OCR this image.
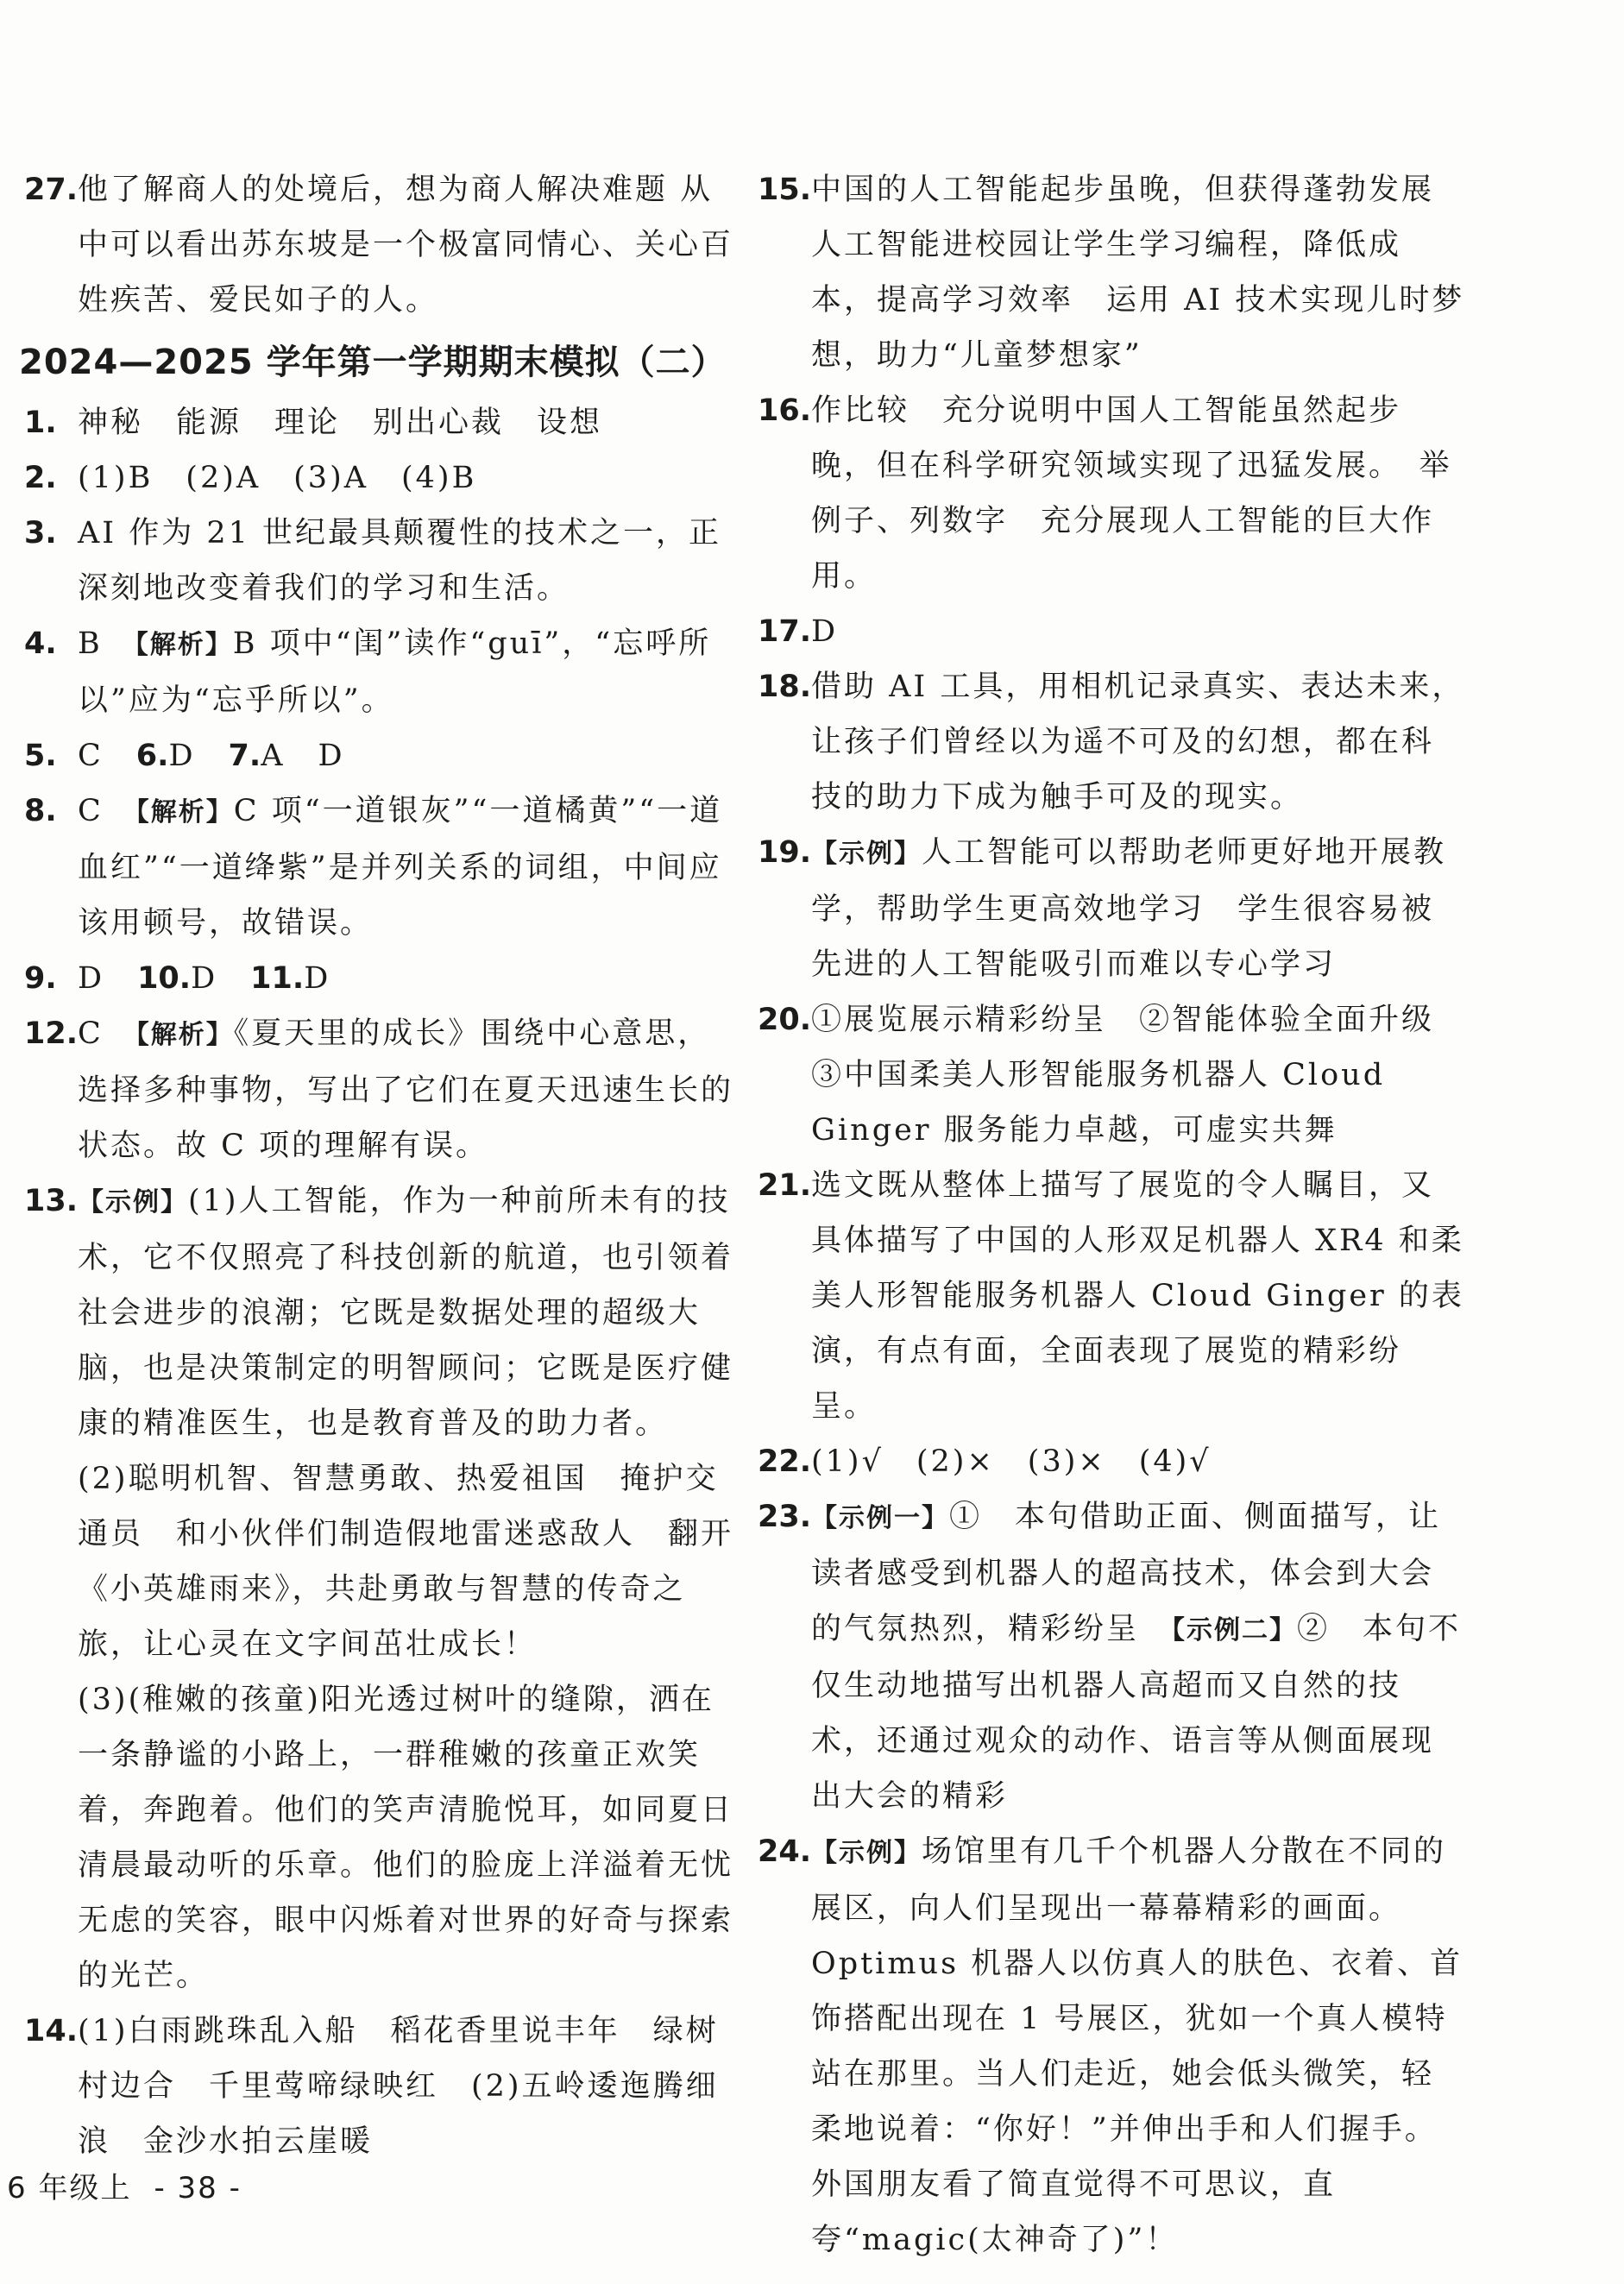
27.他了解商人的处境后，想为商人解决难题 从中可以看出苏东坡是一个极富同情心、关心百姓疾苦、爱民如子的人。

2024—2025 学年第一学期期末模拟（二）

1. 神秘　能源　理论　别出心裁　设想

2. (1)B　(2)A　(3)A　(4)B

3. AI 作为 21 世纪最具颠覆性的技术之一，正深刻地改变着我们的学习和生活。

4. B　 【解析】B 项中“闺”读作“guī”，“忘呼所以”应为“忘乎所以”。

5. C　 6.D　 7.A　D

8. C　 【解析】C 项“一道银灰”“一道橘黄”“一道血红”“一道绛紫”是并列关系的词组，中间应该用顿号，故错误。

9. D　 10.D　 11.D

12.C　 【解析】《夏天里的成长》围绕中心意思，选择多种事物，写出了它们在夏天迅速生长的状态。故 C 项的理解有误。

13.【示例】(1)人工智能，作为一种前所未有的技术，它不仅照亮了科技创新的航道，也引领着社会进步的浪潮；它既是数据处理的超级大脑，也是决策制定的明智顾问；它既是医疗健康的精准医生，也是教育普及的助力者。
(2)聪明机智、智慧勇敢、热爱祖国　掩护交通员　和小伙伴们制造假地雷迷惑敌人　翻开《小英雄雨来》，共赴勇敢与智慧的传奇之旅，让心灵在文字间茁壮成长！
(3)(稚嫩的孩童)阳光透过树叶的缝隙，洒在一条静谧的小路上，一群稚嫩的孩童正欢笑着，奔跑着。他们的笑声清脆悦耳，如同夏日清晨最动听的乐章。他们的脸庞上洋溢着无忧无虑的笑容，眼中闪烁着对世界的好奇与探索的光芒。

14.(1)白雨跳珠乱入船　稻花香里说丰年　绿树村边合　千里莺啼绿映红　(2)五岭逶迤腾细浪　金沙水拍云崖暖

15.中国的人工智能起步虽晚，但获得蓬勃发展　人工智能进校园让学生学习编程，降低成本，提高学习效率　运用 AI 技术实现儿时梦想，助力“儿童梦想家”

16.作比较　充分说明中国人工智能虽然起步晚，但在科学研究领域实现了迅猛发展。　举例子、列数字　充分展现人工智能的巨大作用。

17.D

18.借助 AI 工具，用相机记录真实、表达未来，让孩子们曾经以为遥不可及的幻想，都在科技的助力下成为触手可及的现实。

19.【示例】人工智能可以帮助老师更好地开展教学，帮助学生更高效地学习　学生很容易被先进的人工智能吸引而难以专心学习

20.①展览展示精彩纷呈　②智能体验全面升级　③中国柔美人形智能服务机器人 Cloud Ginger 服务能力卓越，可虚实共舞

21.选文既从整体上描写了展览的令人瞩目，又具体描写了中国的人形双足机器人 XR4 和柔美人形智能服务机器人 Cloud Ginger 的表演，有点有面，全面表现了展览的精彩纷呈。

22.(1)√　(2)×　(3)×　(4)√

23.【示例一】①　本句借助正面、侧面描写，让读者感受到机器人的超高技术，体会到大会的气氛热烈，精彩纷呈　【示例二】②　本句不仅生动地描写出机器人高超而又自然的技术，还通过观众的动作、语言等从侧面展现出大会的精彩

24.【示例】场馆里有几千个机器人分散在不同的展区，向人们呈现出一幕幕精彩的画面。Optimus 机器人以仿真人的肤色、衣着、首饰搭配出现在 1 号展区，犹如一个真人模特站在那里。当人们走近，她会低头微笑，轻柔地说着：“你好！”并伸出手和人们握手。外国朋友看了简直觉得不可思议，直夸“magic(太神奇了)”！

6 年级上 - 38 -
